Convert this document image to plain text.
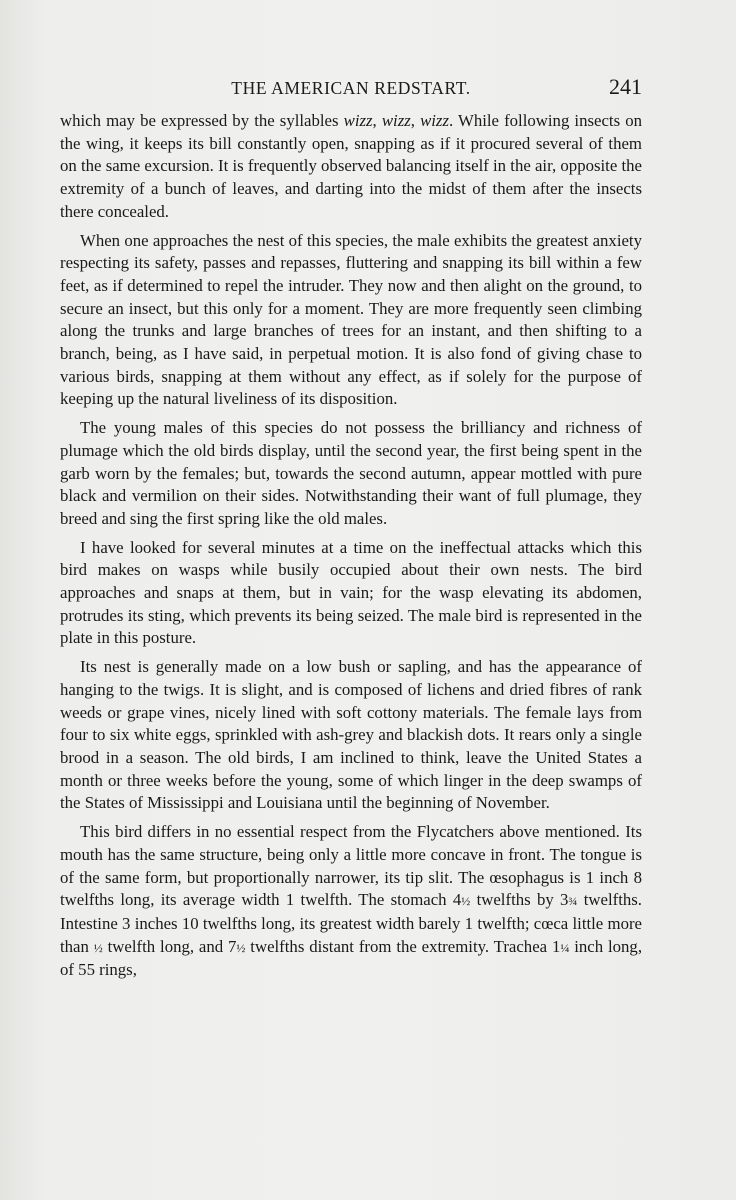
THE AMERICAN REDSTART.	241

which may be expressed by the syllables wizz, wizz, wizz. While following insects on the wing, it keeps its bill constantly open, snapping as if it procured several of them on the same excursion. It is frequently observed balancing itself in the air, opposite the extremity of a bunch of leaves, and darting into the midst of them after the insects there concealed.

When one approaches the nest of this species, the male exhibits the greatest anxiety respecting its safety, passes and repasses, fluttering and snapping its bill within a few feet, as if determined to repel the intruder. They now and then alight on the ground, to secure an insect, but this only for a moment. They are more frequently seen climbing along the trunks and large branches of trees for an instant, and then shifting to a branch, being, as I have said, in perpetual motion. It is also fond of giving chase to various birds, snapping at them without any effect, as if solely for the purpose of keeping up the natural liveliness of its disposition.

The young males of this species do not possess the brilliancy and richness of plumage which the old birds display, until the second year, the first being spent in the garb worn by the females; but, towards the second autumn, appear mottled with pure black and vermilion on their sides. Notwithstanding their want of full plumage, they breed and sing the first spring like the old males.

I have looked for several minutes at a time on the ineffectual attacks which this bird makes on wasps while busily occupied about their own nests. The bird approaches and snaps at them, but in vain; for the wasp elevating its abdomen, protrudes its sting, which prevents its being seized. The male bird is represented in the plate in this posture.

Its nest is generally made on a low bush or sapling, and has the appearance of hanging to the twigs. It is slight, and is composed of lichens and dried fibres of rank weeds or grape vines, nicely lined with soft cottony materials. The female lays from four to six white eggs, sprinkled with ash-grey and blackish dots. It rears only a single brood in a season. The old birds, I am inclined to think, leave the United States a month or three weeks before the young, some of which linger in the deep swamps of the States of Mississippi and Louisiana until the beginning of November.

This bird differs in no essential respect from the Flycatchers above mentioned. Its mouth has the same structure, being only a little more concave in front. The tongue is of the same form, but proportionally narrower, its tip slit. The œsophagus is 1 inch 8 twelfths long, its average width 1 twelfth. The stomach 4½ twelfths by 3¾ twelfths. Intestine 3 inches 10 twelfths long, its greatest width barely 1 twelfth; cœca little more than ½ twelfth long, and 7½ twelfths distant from the extremity. Trachea 1¼ inch long, of 55 rings,
